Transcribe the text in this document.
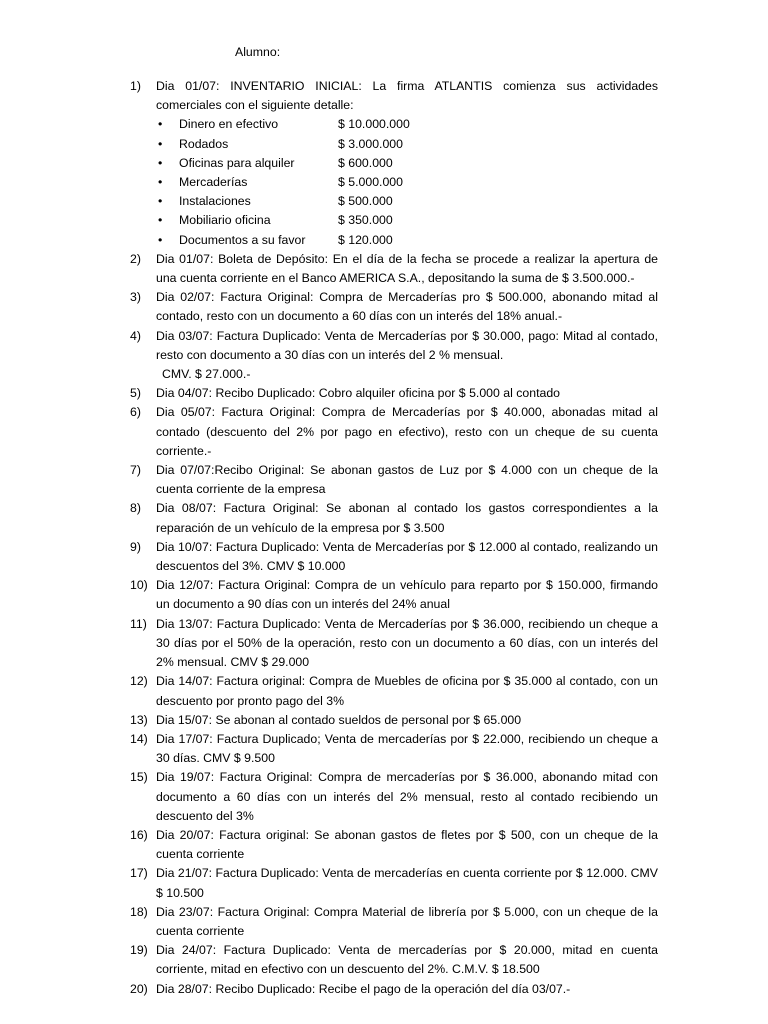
Alumno:
1) Dia 01/07: INVENTARIO INICIAL: La firma ATLANTIS comienza sus actividades comerciales con el siguiente detalle:
• Dinero en efectivo	$ 10.000.000
• Rodados	$ 3.000.000
• Oficinas para alquiler	$ 600.000
• Mercaderías	$ 5.000.000
• Instalaciones	$ 500.000
• Mobiliario oficina	$ 350.000
• Documentos a su favor	$ 120.000
2) Dia 01/07: Boleta de Depósito: En el día de la fecha se procede a realizar la apertura de una cuenta corriente en el Banco AMERICA S.A., depositando la suma de $ 3.500.000.-
3) Dia 02/07: Factura Original: Compra de Mercaderías pro $ 500.000, abonando mitad al contado, resto con un documento a 60 días con un interés del 18% anual.-
4) Dia 03/07: Factura Duplicado: Venta de Mercaderías por $ 30.000, pago: Mitad al contado, resto con documento a 30 días con un interés del 2 % mensual.
CMV. $ 27.000.-
5) Dia 04/07: Recibo Duplicado: Cobro alquiler oficina por $ 5.000 al contado
6) Dia 05/07: Factura Original: Compra de Mercaderías por $ 40.000, abonadas mitad al contado (descuento del 2% por pago en efectivo), resto con un cheque de su cuenta corriente.-
7) Dia 07/07:Recibo Original: Se abonan gastos de Luz por $ 4.000 con un cheque de la cuenta corriente de la empresa
8) Dia 08/07: Factura Original: Se abonan al contado los gastos correspondientes a la reparación de un vehículo de la empresa por $ 3.500
9) Dia 10/07: Factura Duplicado: Venta de Mercaderías por $ 12.000 al contado, realizando un descuentos del 3%. CMV $ 10.000
10) Dia 12/07: Factura Original: Compra de un vehículo para reparto por $ 150.000, firmando un documento a 90 días con un interés del 24% anual
11) Dia 13/07: Factura Duplicado: Venta de Mercaderías por $ 36.000, recibiendo un cheque a 30 días por el 50% de la operación, resto con un documento a 60 días, con un interés del 2% mensual. CMV $ 29.000
12) Dia 14/07: Factura original: Compra de Muebles de oficina por $ 35.000 al contado, con un descuento por pronto pago del 3%
13) Dia 15/07: Se abonan al contado sueldos de personal por $ 65.000
14) Dia 17/07: Factura Duplicado; Venta de mercaderías por $ 22.000, recibiendo un cheque a 30 días. CMV $ 9.500
15) Dia 19/07: Factura Original: Compra de mercaderías por $ 36.000, abonando mitad con documento a 60 días con un interés del 2% mensual, resto al contado recibiendo un descuento del 3%
16) Dia 20/07: Factura original: Se abonan gastos de fletes por $ 500, con un cheque de la cuenta corriente
17) Dia 21/07: Factura Duplicado: Venta de mercaderías en cuenta corriente por $ 12.000. CMV $ 10.500
18) Dia 23/07: Factura Original: Compra Material de librería por $ 5.000, con un cheque de la cuenta corriente
19) Dia 24/07: Factura Duplicado: Venta de mercaderías por $ 20.000, mitad en cuenta corriente, mitad en efectivo con un descuento del 2%. C.M.V. $ 18.500
20) Dia 28/07: Recibo Duplicado: Recibe el pago de la operación del día 03/07.-
